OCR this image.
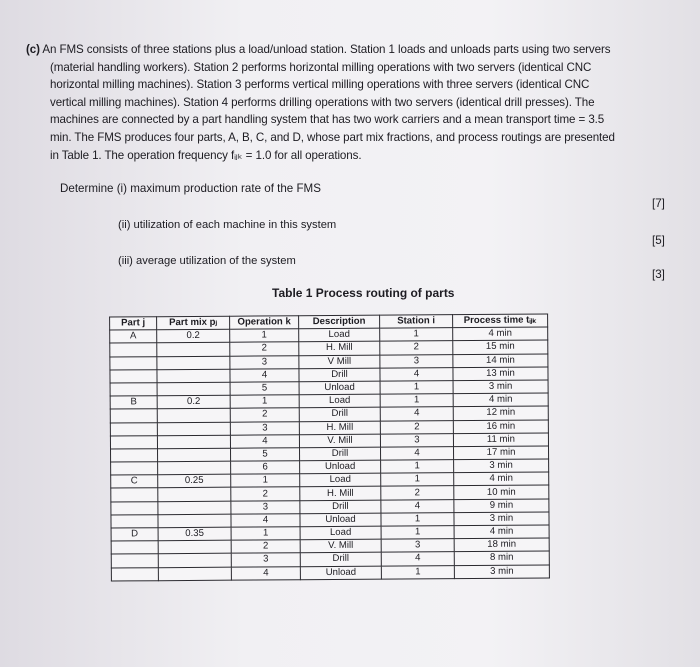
(c) An FMS consists of three stations plus a load/unload station. Station 1 loads and unloads parts using two servers
(material handling workers). Station 2 performs horizontal milling operations with two servers (identical CNC
horizontal milling machines). Station 3 performs vertical milling operations with three servers (identical CNC
vertical milling machines). Station 4 performs drilling operations with two servers (identical drill presses). The
machines are connected by a part handling system that has two work carriers and a mean transport time = 3.5
min. The FMS produces four parts, A, B, C, and D, whose part mix fractions, and process routings are presented
in Table 1. The operation frequency fᵢⱼₖ = 1.0 for all operations.
Determine (i) maximum production rate of the FMS
(ii) utilization of each machine in this system
(iii) average utilization of the system
[7]
[5]
[3]
Table 1 Process routing of parts
Part j	Part mix pⱼ	Operation k	Description	Station i	Process time tᵢⱼₖ
A	0.2	1	Load	1	4 min
		2	H. Mill	2	15 min
		3	V Mill	3	14 min
		4	Drill	4	13 min
		5	Unload	1	3 min
B	0.2	1	Load	1	4 min
		2	Drill	4	12 min
		3	H. Mill	2	16 min
		4	V. Mill	3	11 min
		5	Drill	4	17 min
		6	Unload	1	3 min
C	0.25	1	Load	1	4 min
		2	H. Mill	2	10 min
		3	Drill	4	9 min
		4	Unload	1	3 min
D	0.35	1	Load	1	4 min
		2	V. Mill	3	18 min
		3	Drill	4	8 min
		4	Unload	1	3 min
